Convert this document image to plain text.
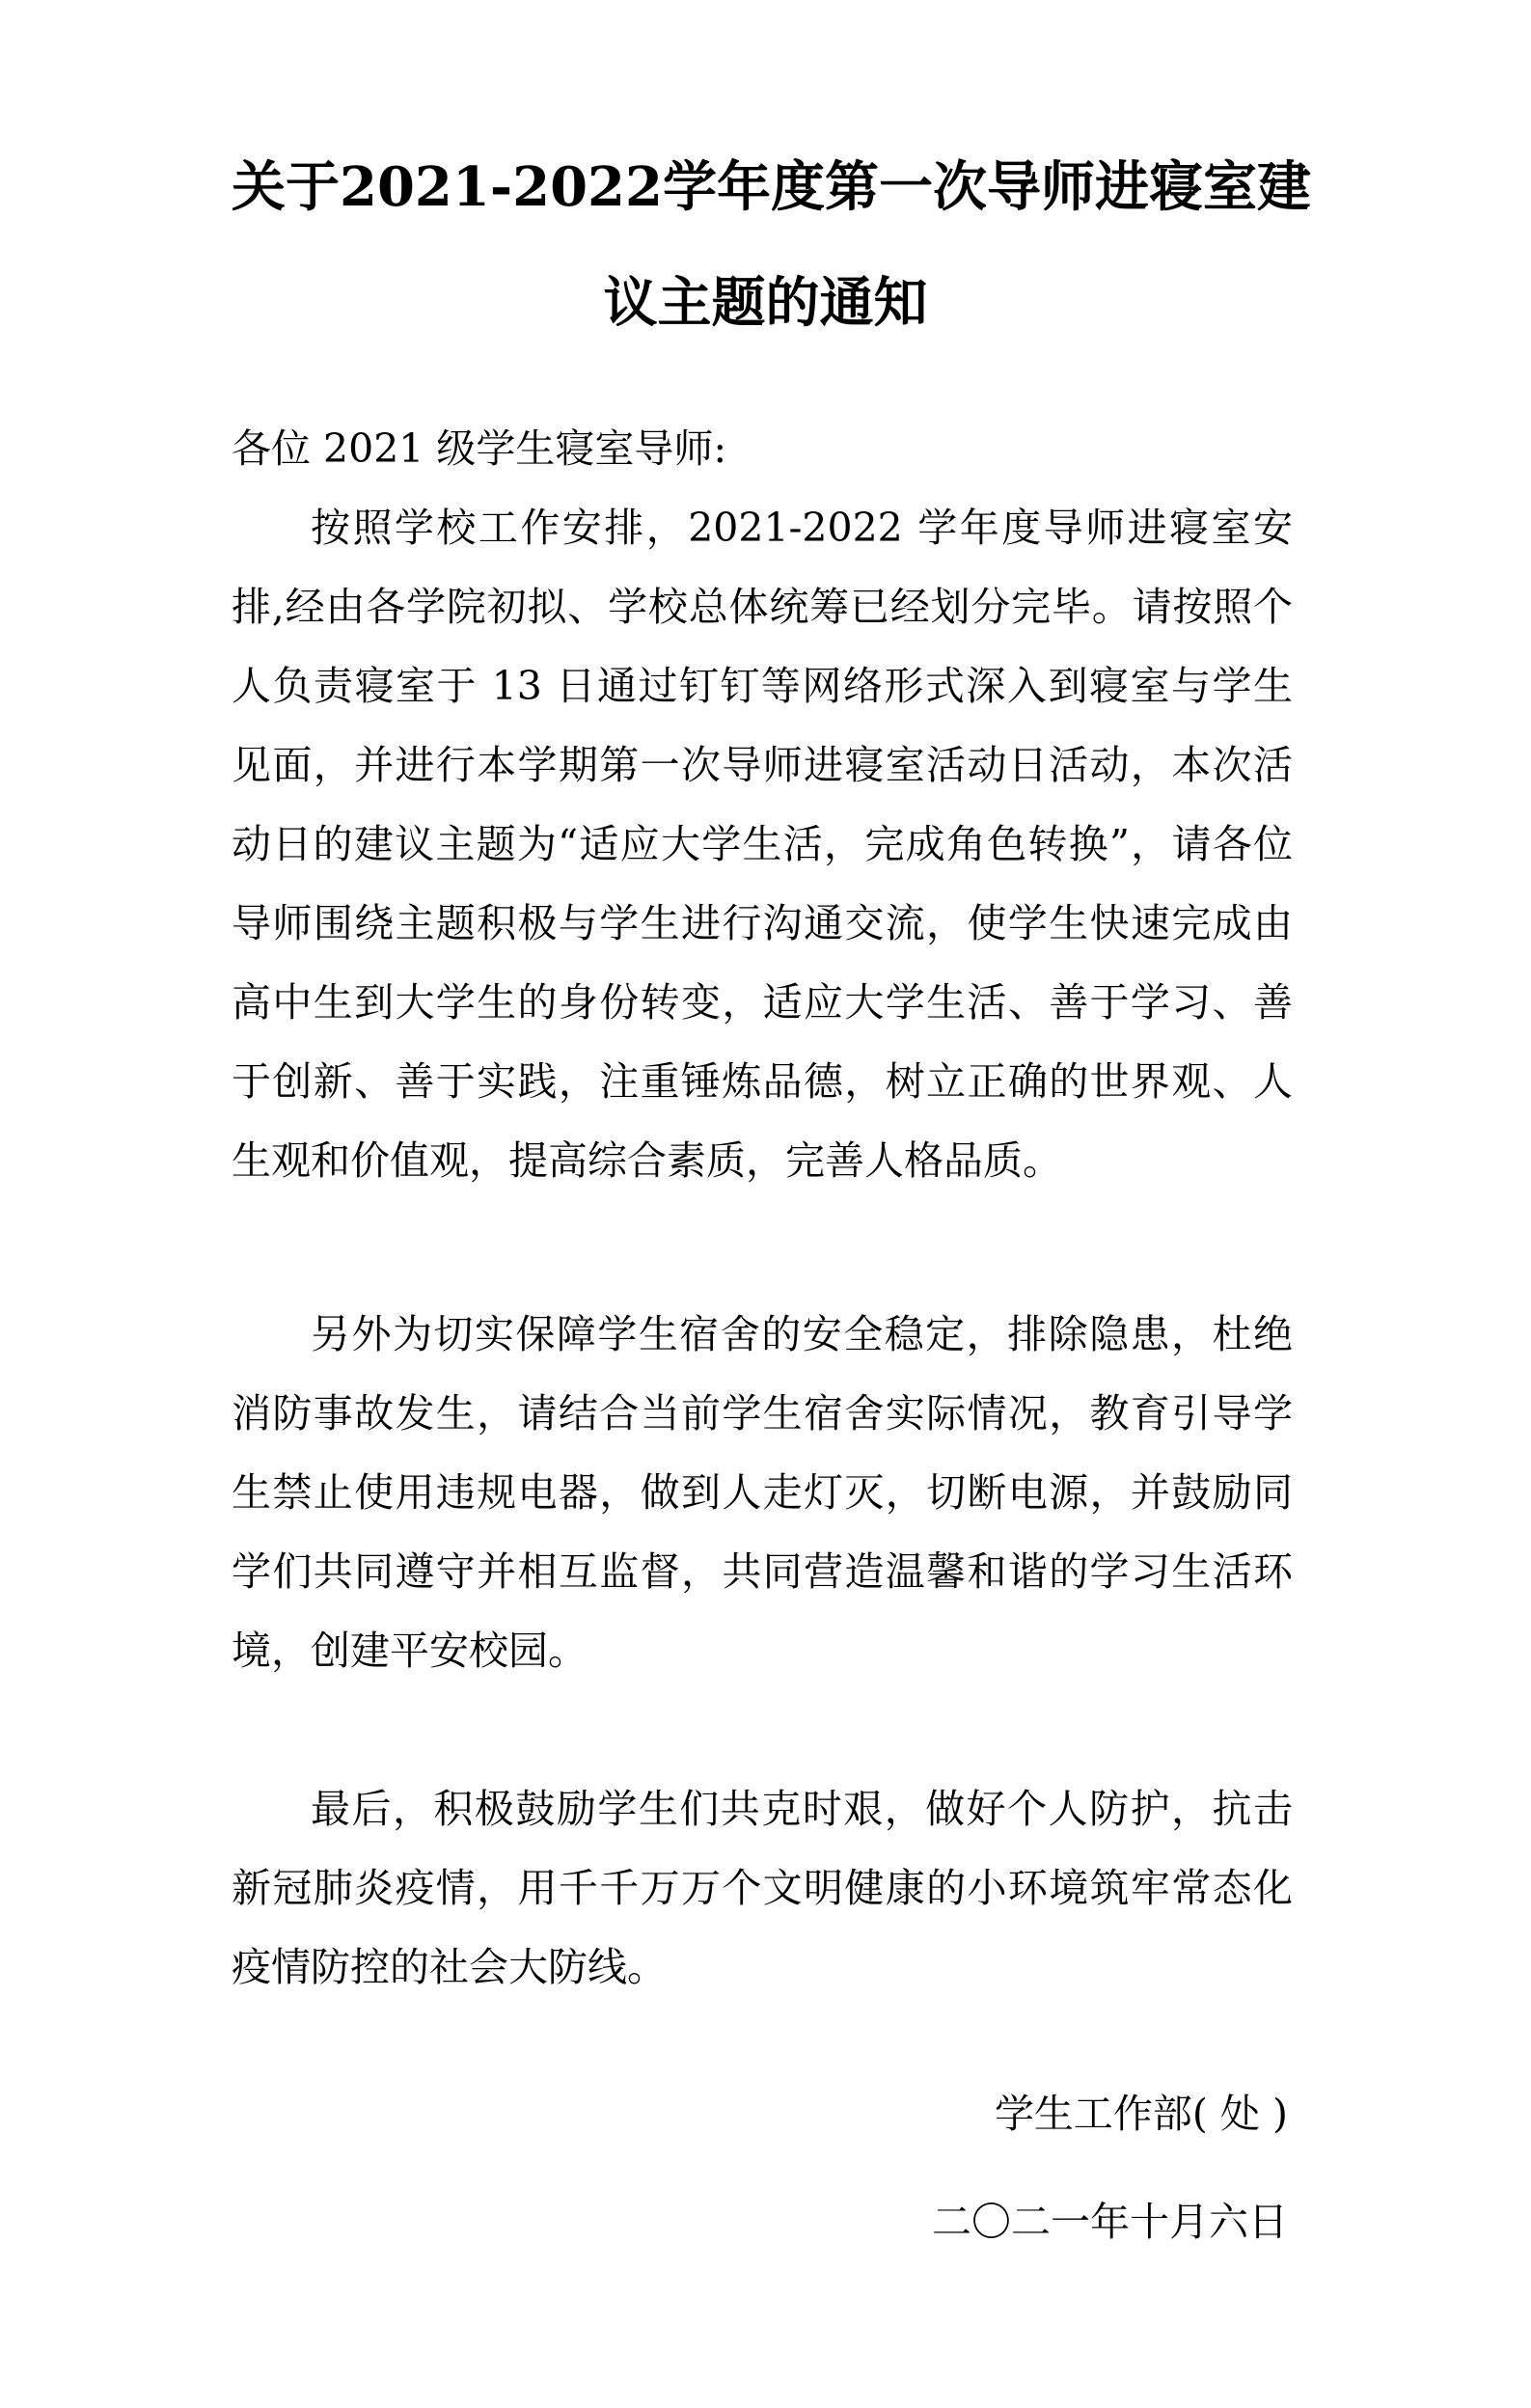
关于2021-2022学年度第一次导师进寝室建
议主题的通知
各位 2021 级学生寝室导师:
按照学校工作安排，2021-2022 学年度导师进寝室安排,经由各学院初拟、学校总体统筹已经划分完毕。请按照个人负责寝室于 13 日通过钉钉等网络形式深入到寝室与学生见面，并进行本学期第一次导师进寝室活动日活动，本次活动日的建议主题为“适应大学生活，完成角色转换”，请各位导师围绕主题积极与学生进行沟通交流，使学生快速完成由高中生到大学生的身份转变，适应大学生活、善于学习、善于创新、善于实践，注重锤炼品德，树立正确的世界观、人生观和价值观，提高综合素质，完善人格品质。
另外为切实保障学生宿舍的安全稳定，排除隐患，杜绝消防事故发生，请结合当前学生宿舍实际情况，教育引导学生禁止使用违规电器，做到人走灯灭，切断电源，并鼓励同学们共同遵守并相互监督，共同营造温馨和谐的学习生活环境，创建平安校园。
最后，积极鼓励学生们共克时艰，做好个人防护，抗击新冠肺炎疫情，用千千万万个文明健康的小环境筑牢常态化疫情防控的社会大防线。
学生工作部( 处 )
二〇二一年十月六日
